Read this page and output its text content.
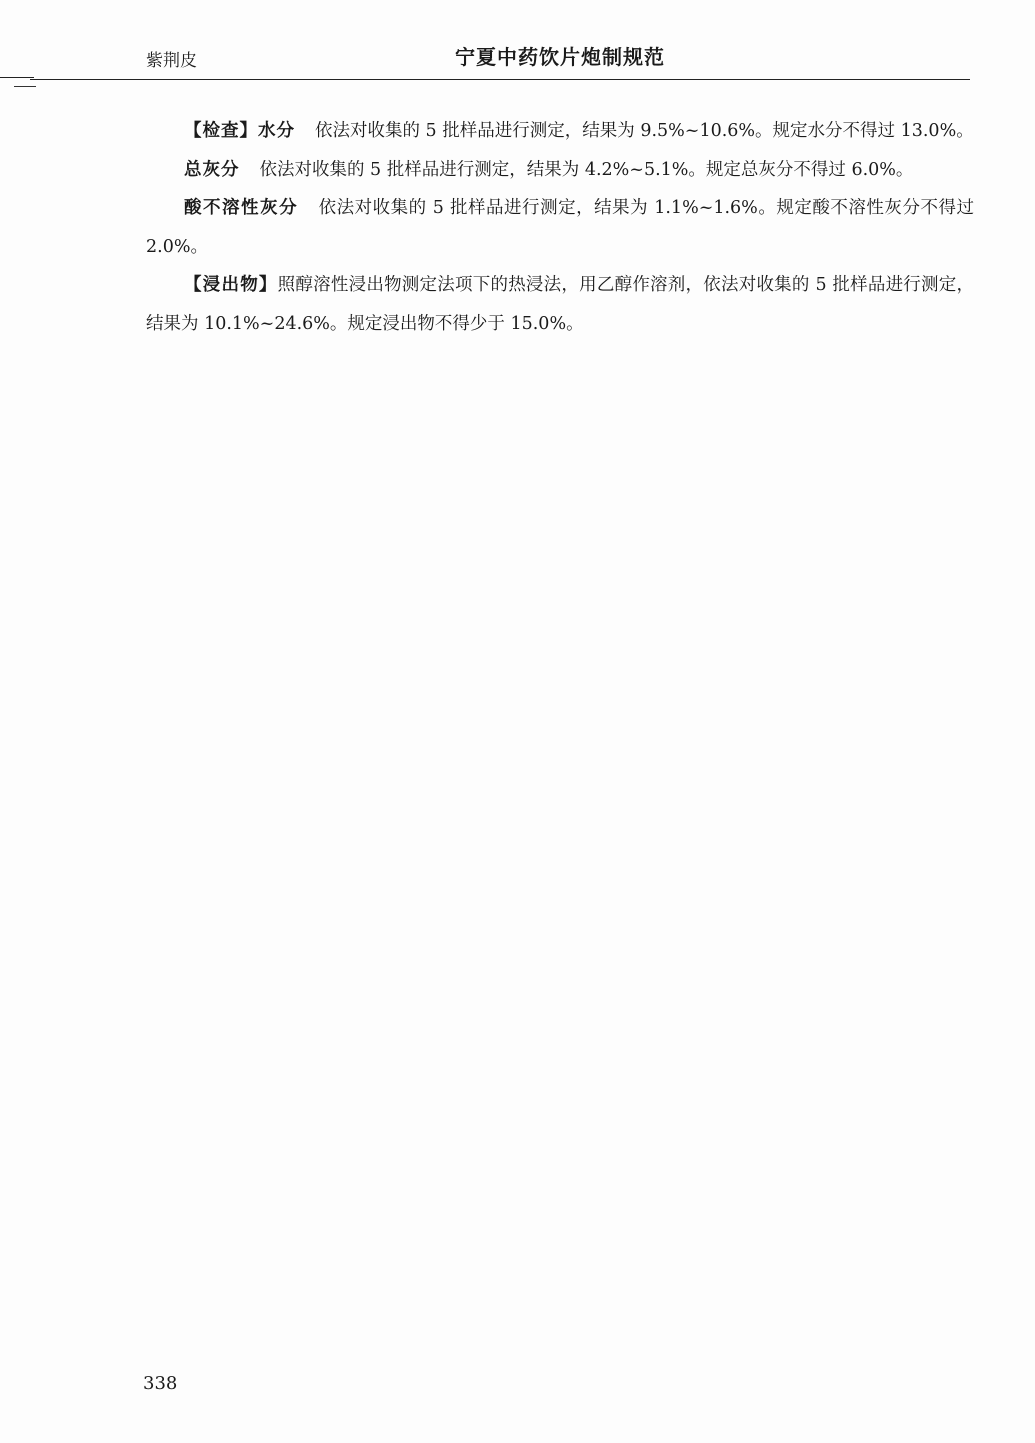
紫荆皮	宁夏中药饮片炮制规范

【检查】水分 依法对收集的 5 批样品进行测定，结果为 9.5%~10.6%。规定水分不得过 13.0%。

总灰分 依法对收集的 5 批样品进行测定，结果为 4.2%~5.1%。规定总灰分不得过 6.0%。

酸不溶性灰分 依法对收集的 5 批样品进行测定，结果为 1.1%~1.6%。规定酸不溶性灰分不得过 2.0%。

【浸出物】照醇溶性浸出物测定法项下的热浸法，用乙醇作溶剂，依法对收集的 5 批样品进行测定，结果为 10.1%~24.6%。规定浸出物不得少于 15.0%。

338
